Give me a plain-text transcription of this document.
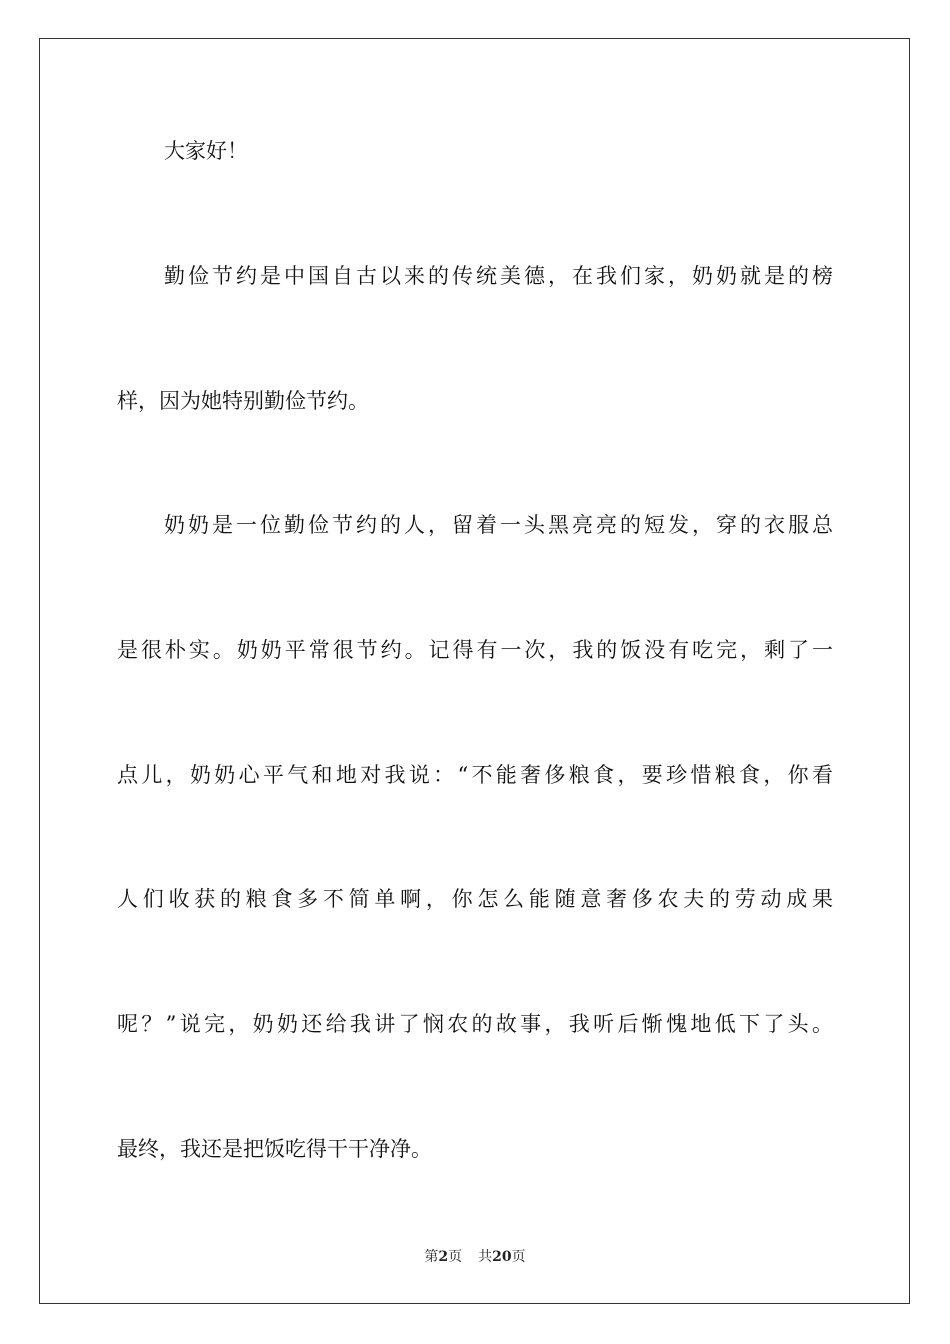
大家好！
勤俭节约是中国自古以来的传统美德，在我们家，奶奶就是的榜
样，因为她特别勤俭节约。
奶奶是一位勤俭节约的人，留着一头黑亮亮的短发，穿的衣服总
是很朴实。奶奶平常很节约。记得有一次，我的饭没有吃完，剩了一
点儿，奶奶心平气和地对我说：“不能奢侈粮食，要珍惜粮食，你看
人们收获的粮食多不简单啊，你怎么能随意奢侈农夫的劳动成果
呢？”说完，奶奶还给我讲了悯农的故事，我听后惭愧地低下了头。
最终，我还是把饭吃得干干净净。
第2页 共20页
